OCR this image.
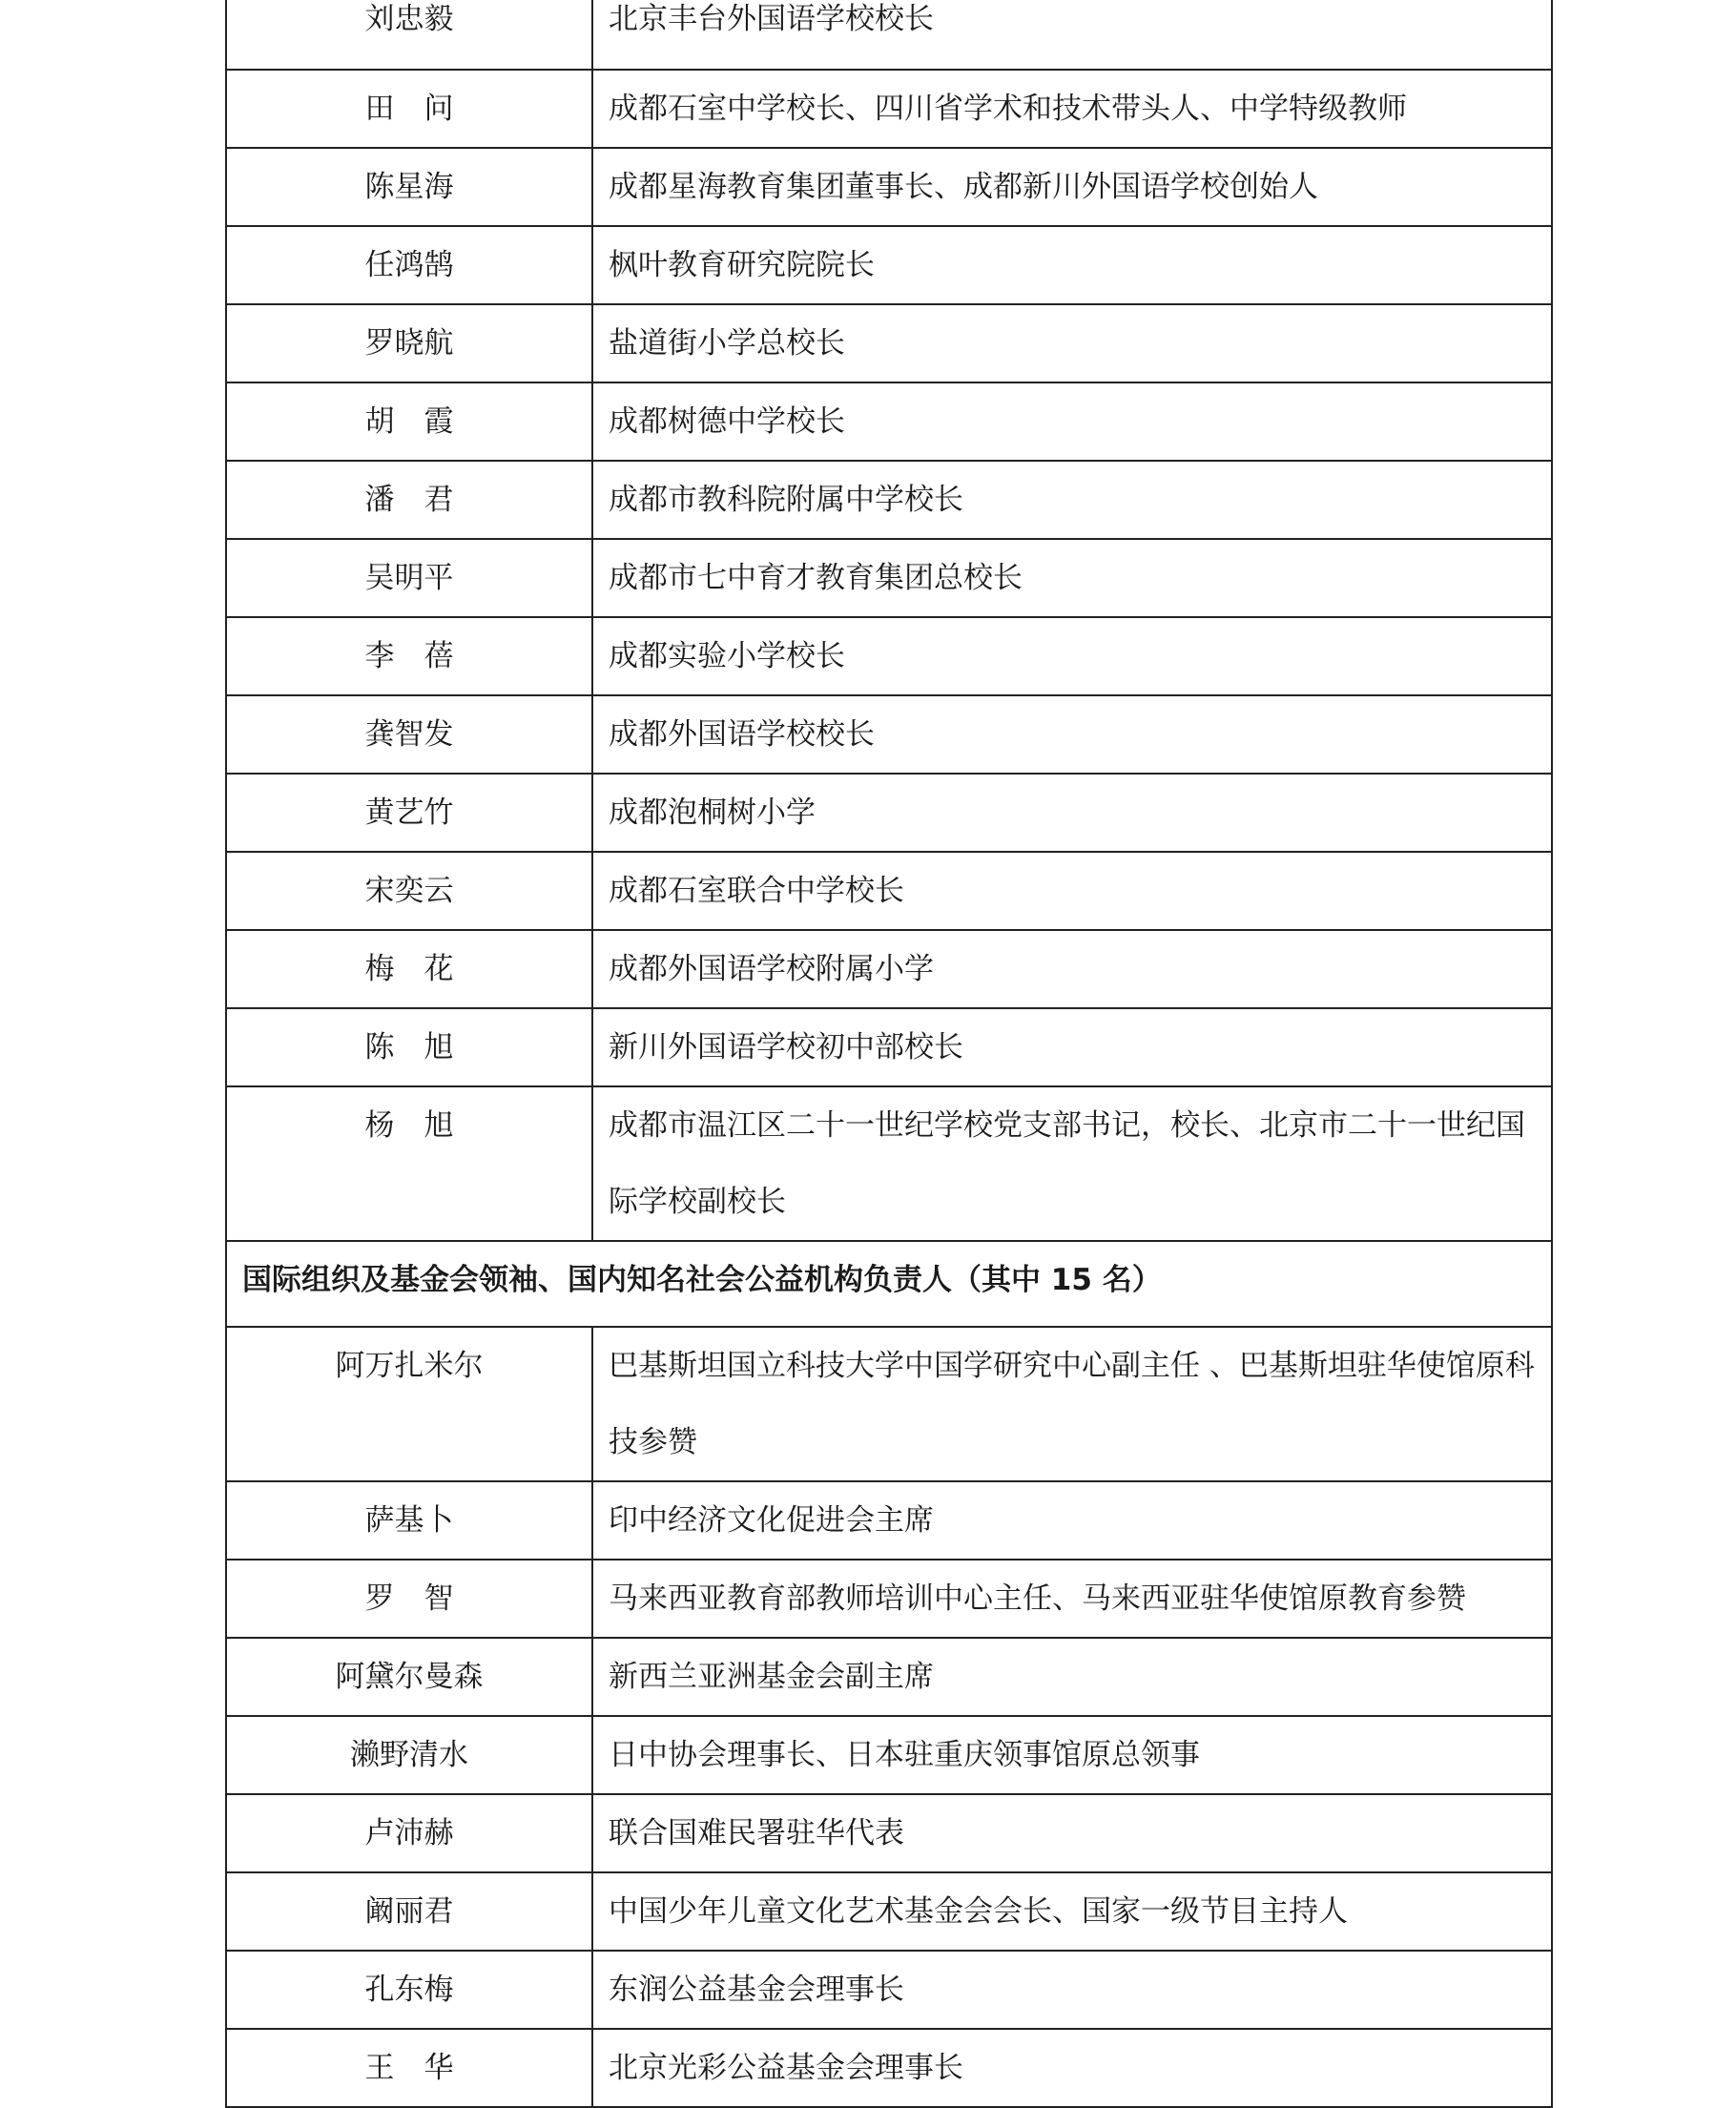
刘忠毅	北京丰台外国语学校校长
田　问	成都石室中学校长、四川省学术和技术带头人、中学特级教师
陈星海	成都星海教育集团董事长、成都新川外国语学校创始人
任鸿鹄	枫叶教育研究院院长
罗晓航	盐道街小学总校长
胡　霞	成都树德中学校长
潘　君	成都市教科院附属中学校长
吴明平	成都市七中育才教育集团总校长
李　蓓	成都实验小学校长
龚智发	成都外国语学校校长
黄艺竹	成都泡桐树小学
宋奕云	成都石室联合中学校长
梅　花	成都外国语学校附属小学
陈　旭	新川外国语学校初中部校长
杨　旭	成都市温江区二十一世纪学校党支部书记，校长、北京市二十一世纪国际学校副校长
国际组织及基金会领袖、国内知名社会公益机构负责人（其中 15 名）	
阿万扎米尔	巴基斯坦国立科技大学中国学研究中心副主任 、巴基斯坦驻华使馆原科技参赞
萨基卜	印中经济文化促进会主席
罗　智	马来西亚教育部教师培训中心主任、马来西亚驻华使馆原教育参赞
阿黛尔曼森	新西兰亚洲基金会副主席
濑野清水	日中协会理事长、日本驻重庆领事馆原总领事
卢沛赫	联合国难民署驻华代表
阚丽君	中国少年儿童文化艺术基金会会长、国家一级节目主持人
孔东梅	东润公益基金会理事长
王　华	北京光彩公益基金会理事长
